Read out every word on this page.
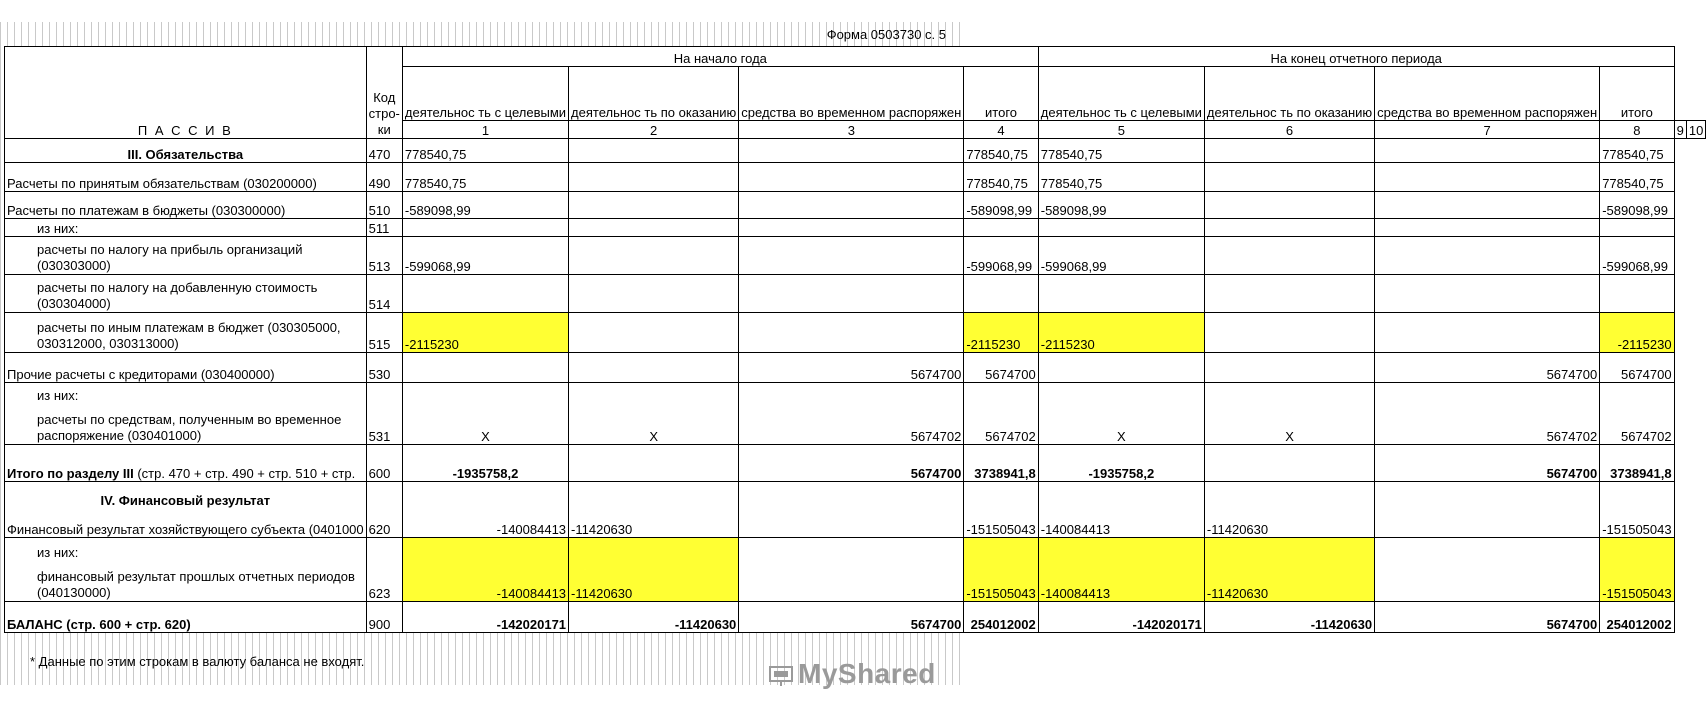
Форма 0503730 с. 5
П А С С И В	Код стро-ки	На начало года				На конец отчетного периода					
		деятельнос ть с целевыми	деятельнос ть по оказанию	средства во временном распоряжен	итого	деятельнос ть с целевыми	деятельнос ть по оказанию	средства во временном распоряжен	итого		
		1	2	3	4	5	6	7	8	9	10
III. Обязательства	470	778540,75			778540,75	778540,75			778540,75		
Расчеты по принятым обязательствам (030200000)	490	778540,75			778540,75	778540,75			778540,75		
Расчеты по платежам в бюджеты (030300000)	510	-589098,99			-589098,99	-589098,99			-589098,99		
из них:	511										
расчеты по налогу на прибыль организаций (030303000)	513	-599068,99			-599068,99	-599068,99			-599068,99		
расчеты по налогу на добавленную стоимость (030304000)	514										
расчеты по иным платежам в бюджет (030305000, 030312000, 030313000)	515	-2115230			-2115230	-2115230			-2115230		
Прочие расчеты с кредиторами (030400000)	530			5674700	5674700			5674700	5674700		

из них:
расчеты по средствам, полученным во временное распоряжение (030401000)	531	Х	Х	5674702	5674702	Х	Х	5674702	5674702		
Итого по разделу III (стр. 470 + стр. 490 + стр. 510 + стр.	600	-1935758,2		5674700	3738941,8	-1935758,2		5674700	3738941,8		

IV. Финансовый результат
Финансовый результат хозяйствующего субъекта (0401000	620	-140084413	-11420630		-151505043	-140084413	-11420630		-151505043		

из них:
финансовый результат прошлых отчетных периодов (040130000)	623	-140084413	-11420630		-151505043	-140084413	-11420630		-151505043		
БАЛАНС (стр. 600 + стр. 620)	900	-142020171	-11420630	5674700	254012002	-142020171	-11420630	5674700	254012002		
* Данные по этим строкам в валюту баланса не входят.	MyShared
